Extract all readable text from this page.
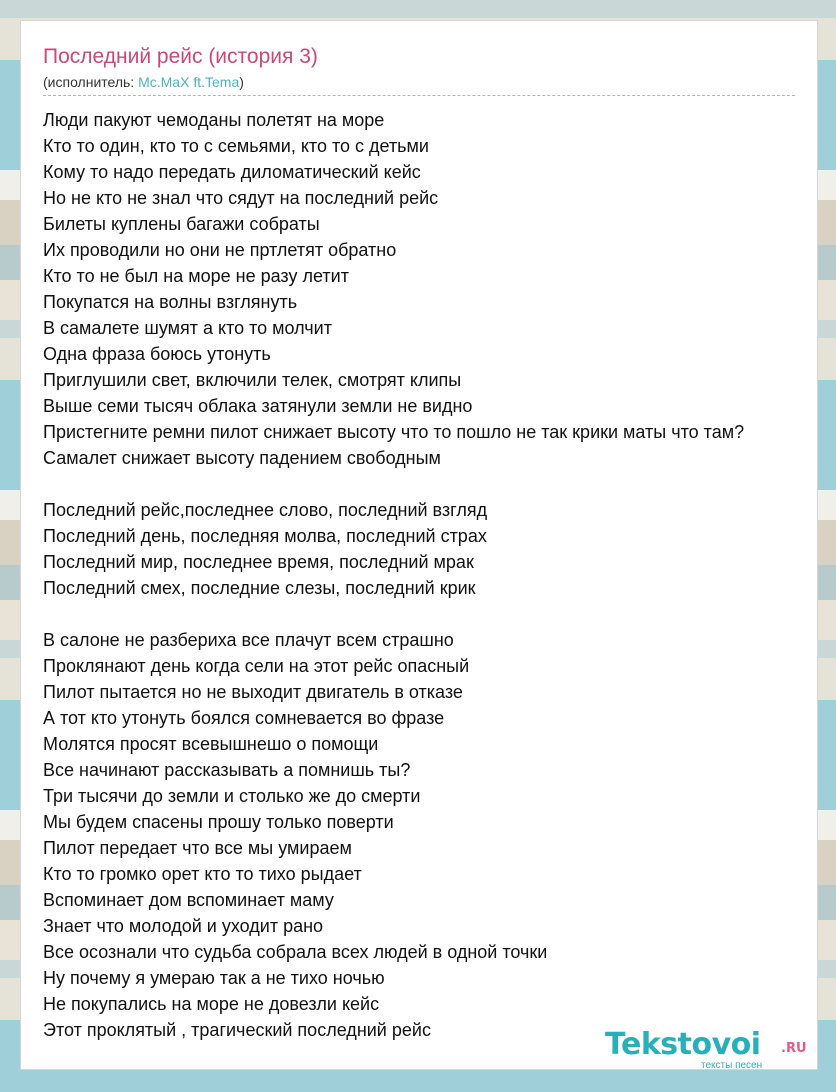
Последний рейс (история 3)
(исполнитель: Mc.MaX ft.Tema)
Люди пакуют чемоданы полетят на море
Кто то один, кто то с семьями, кто то с детьми
Кому то надо передать диломатический кейс
Но не кто не знал что сядут на последний рейс
Билеты куплены багажи собраты
Их проводили но они не пртлетят обратно
Кто то не был на море не разу летит
Покупатся на волны взглянуть
В самалете шумят а кто то молчит
Одна фраза боюсь утонуть
Приглушили свет, включили телек, смотрят клипы
Выше семи тысяч облака затянули земли не видно
Пристегните ремни пилот снижает высоту что то пошло не так крики маты что там?
Самалет снижает высоту падением свободным
Последний рейс,последнее слово, последний взгляд
Последний день, последняя молва, последний страх
Последний мир, последнее время, последний мрак
Последний смех, последние слезы, последний крик
В салоне не разбериха все плачут всем страшно
Проклянают день когда сели на этот рейс опасный
Пилот пытается но не выходит двигатель в отказе
А тот кто утонуть боялся сомневается во фразе
Молятся просят всевышнешо о помощи
Все начинают рассказывать а помнишь ты?
Три тысячи до земли и столько же до смерти
Мы будем спасены прошу только поверти
Пилот передает что все мы умираем
Кто то громко орет кто то тихо рыдает
Вспоминает дом вспоминает маму
Знает что молодой и уходит рано
Все осознали что судьба собрала всех людей в одной точки
Ну почему я умераю так а не тихо ночью
Не покупались на море не довезли кейс
Этот проклятый , трагический последний рейс	Tekstovoi .RU
тексты песен
